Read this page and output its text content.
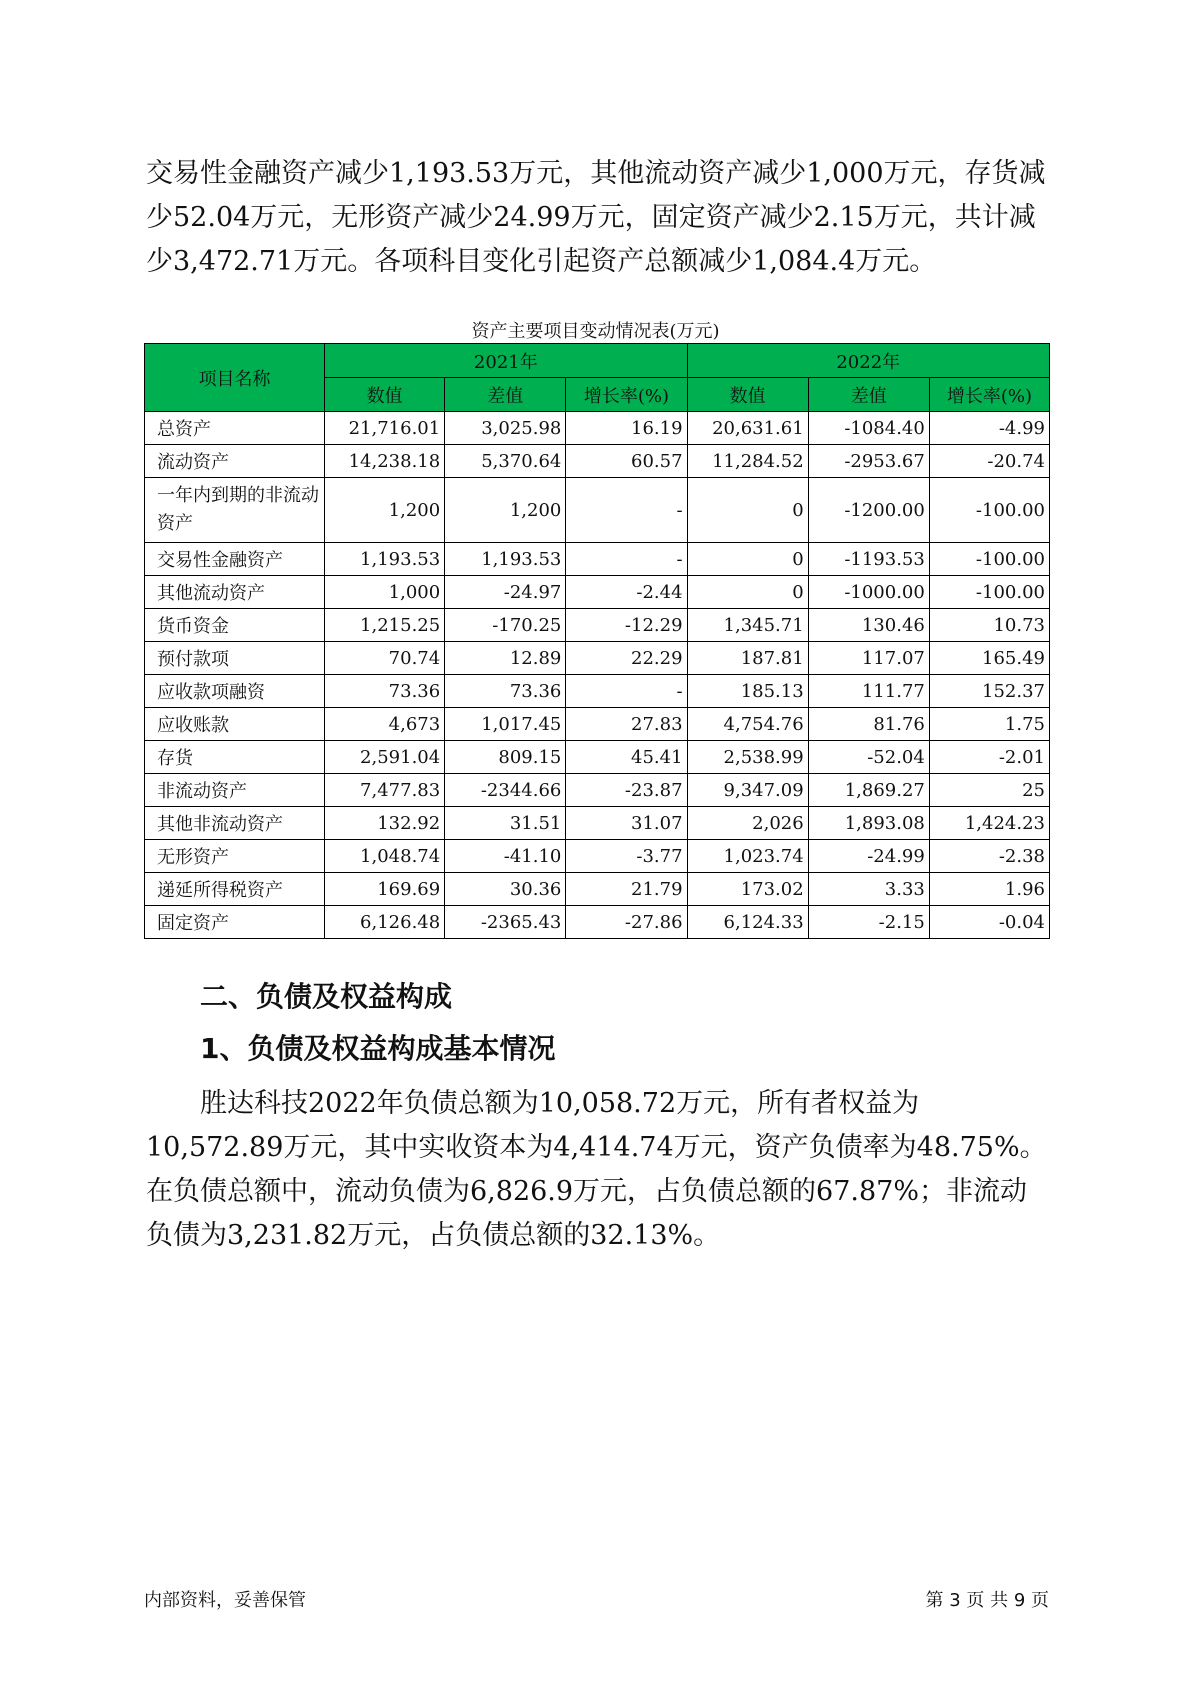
交易性金融资产减少1,193.53万元，其他流动资产减少1,000万元，存货减少52.04万元，无形资产减少24.99万元，固定资产减少2.15万元，共计减少3,472.71万元。各项科目变化引起资产总额减少1,084.4万元。

资产主要项目变动情况表(万元)
项目名称	2021年			2022年		
	数值	差值	增长率(%)	数值	差值	增长率(%)
总资产	21,716.01	3,025.98	16.19	20,631.61	-1084.40	-4.99
流动资产	14,238.18	5,370.64	60.57	11,284.52	-2953.67	-20.74
一年内到期的非流动资产	1,200	1,200	-	0	-1200.00	-100.00
交易性金融资产	1,193.53	1,193.53	-	0	-1193.53	-100.00
其他流动资产	1,000	-24.97	-2.44	0	-1000.00	-100.00
货币资金	1,215.25	-170.25	-12.29	1,345.71	130.46	10.73
预付款项	70.74	12.89	22.29	187.81	117.07	165.49
应收款项融资	73.36	73.36	-	185.13	111.77	152.37
应收账款	4,673	1,017.45	27.83	4,754.76	81.76	1.75
存货	2,591.04	809.15	45.41	2,538.99	-52.04	-2.01
非流动资产	7,477.83	-2344.66	-23.87	9,347.09	1,869.27	25
其他非流动资产	132.92	31.51	31.07	2,026	1,893.08	1,424.23
无形资产	1,048.74	-41.10	-3.77	1,023.74	-24.99	-2.38
递延所得税资产	169.69	30.36	21.79	173.02	3.33	1.96
固定资产	6,126.48	-2365.43	-27.86	6,124.33	-2.15	-0.04
二、负债及权益构成
1、负债及权益构成基本情况

　　胜达科技2022年负债总额为10,058.72万元，所有者权益为10,572.89万元，其中实收资本为4,414.74万元，资产负债率为48.75%。在负债总额中，流动负债为6,826.9万元，占负债总额的67.87%；非流动负债为3,231.82万元，占负债总额的32.13%。

内部资料，妥善保管	第 3 页 共 9 页
